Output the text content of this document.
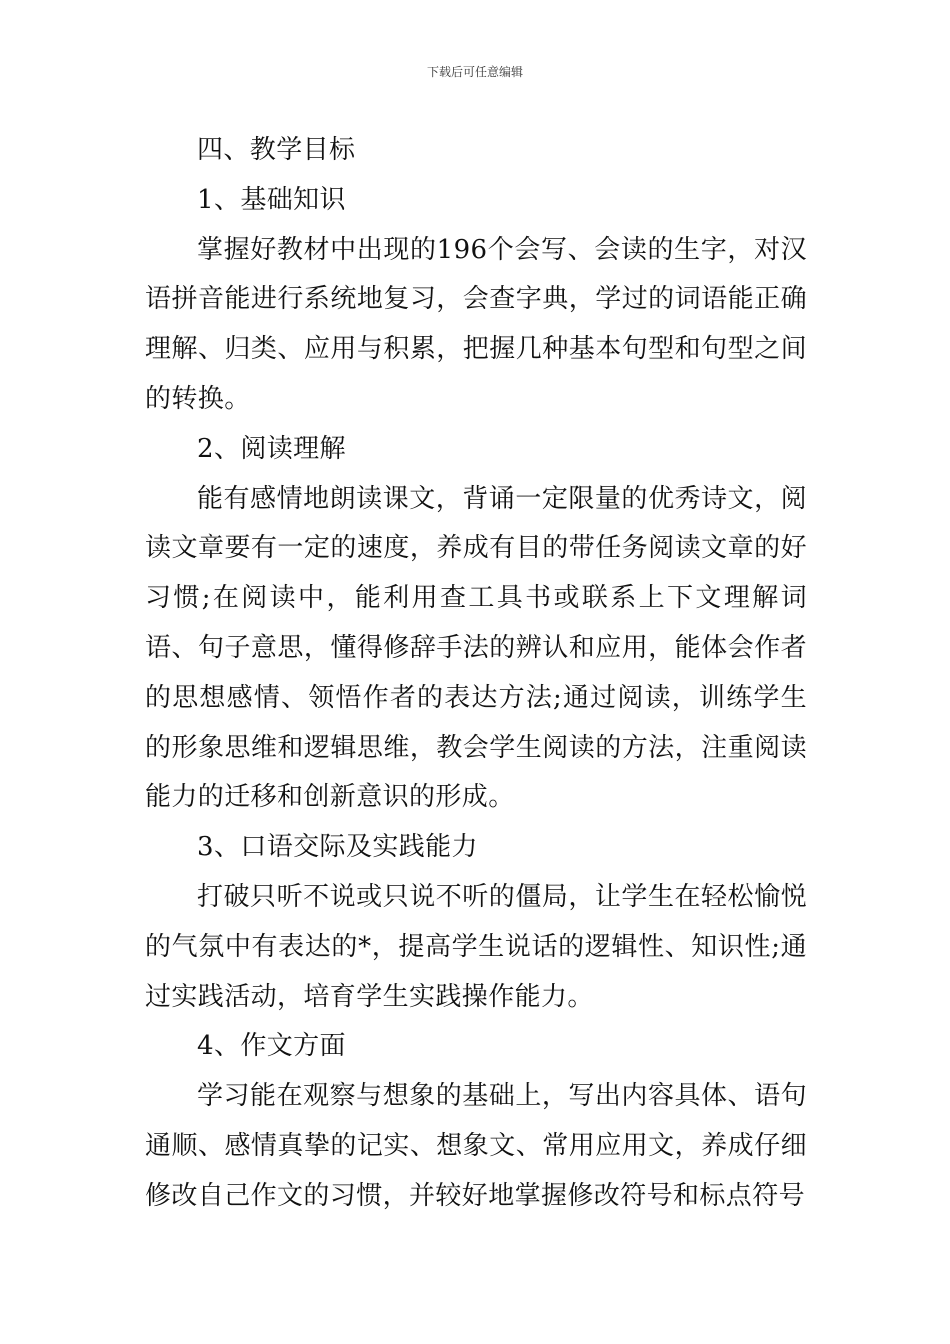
下载后可任意编辑

四、教学目标

1、基础知识

掌握好教材中出现的196个会写、会读的生字，对汉语拼音能进行系统地复习，会查字典，学过的词语能正确理解、归类、应用与积累，把握几种基本句型和句型之间的转换。

2、阅读理解

能有感情地朗读课文，背诵一定限量的优秀诗文，阅读文章要有一定的速度，养成有目的带任务阅读文章的好习惯;在阅读中，能利用查工具书或联系上下文理解词语、句子意思，懂得修辞手法的辨认和应用，能体会作者的思想感情、领悟作者的表达方法;通过阅读，训练学生的形象思维和逻辑思维，教会学生阅读的方法，注重阅读能力的迁移和创新意识的形成。

3、口语交际及实践能力

打破只听不说或只说不听的僵局，让学生在轻松愉悦的气氛中有表达的*，提高学生说话的逻辑性、知识性;通过实践活动，培育学生实践操作能力。

4、作文方面

学习能在观察与想象的基础上，写出内容具体、语句通顺、感情真挚的记实、想象文、常用应用文，养成仔细修改自己作文的习惯，并较好地掌握修改符号和标点符号
